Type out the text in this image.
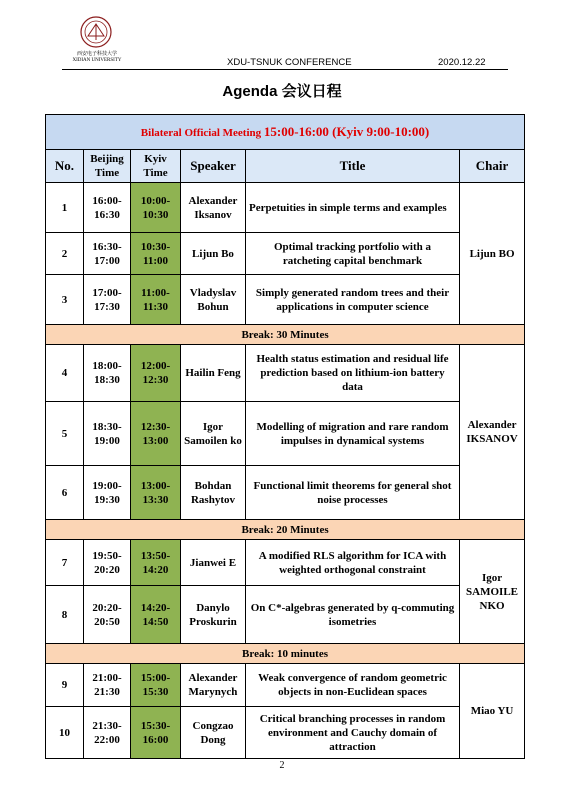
西安电子科技大学
XIDIAN UNIVERSITY	XDU-TSNUK CONFERENCE	2020.12.22
Agenda 会议日程
Bilateral Official Meeting 15:00-16:00 (Kyiv 9:00-10:00)					
No.	Beijing Time	Kyiv Time	Speaker	Title	Chair
1	16:00- 16:30	10:00- 10:30	Alexander Iksanov	Perpetuities in simple terms and examples	Lijun BO
2	16:30- 17:00	10:30- 11:00	Lijun Bo	Optimal tracking portfolio with a ratcheting capital benchmark	
3	17:00- 17:30	11:00- 11:30	Vladyslav Bohun	Simply generated random trees and their applications in computer science	
Break: 30 Minutes					
4	18:00- 18:30	12:00- 12:30	Hailin Feng	Health status estimation and residual life prediction based on lithium-ion battery data	Alexander IKSANOV
5	18:30- 19:00	12:30- 13:00	Igor Samoilen ko	Modelling of migration and rare random impulses in dynamical systems	
6	19:00- 19:30	13:00- 13:30	Bohdan Rashytov	Functional limit theorems for general shot noise processes	
Break: 20 Minutes					
7	19:50- 20:20	13:50- 14:20	Jianwei E	A modified RLS algorithm for ICA with weighted orthogonal constraint	Igor SAMOILE NKO
8	20:20- 20:50	14:20- 14:50	Danylo Proskurin	On C*-algebras generated by q-commuting isometries	
Break: 10 minutes					
9	21:00- 21:30	15:00- 15:30	Alexander Marynych	Weak convergence of random geometric objects in non-Euclidean spaces	Miao YU
10	21:30- 22:00	15:30- 16:00	Congzao Dong	Critical branching processes in random environment and Cauchy domain of attraction	
2
